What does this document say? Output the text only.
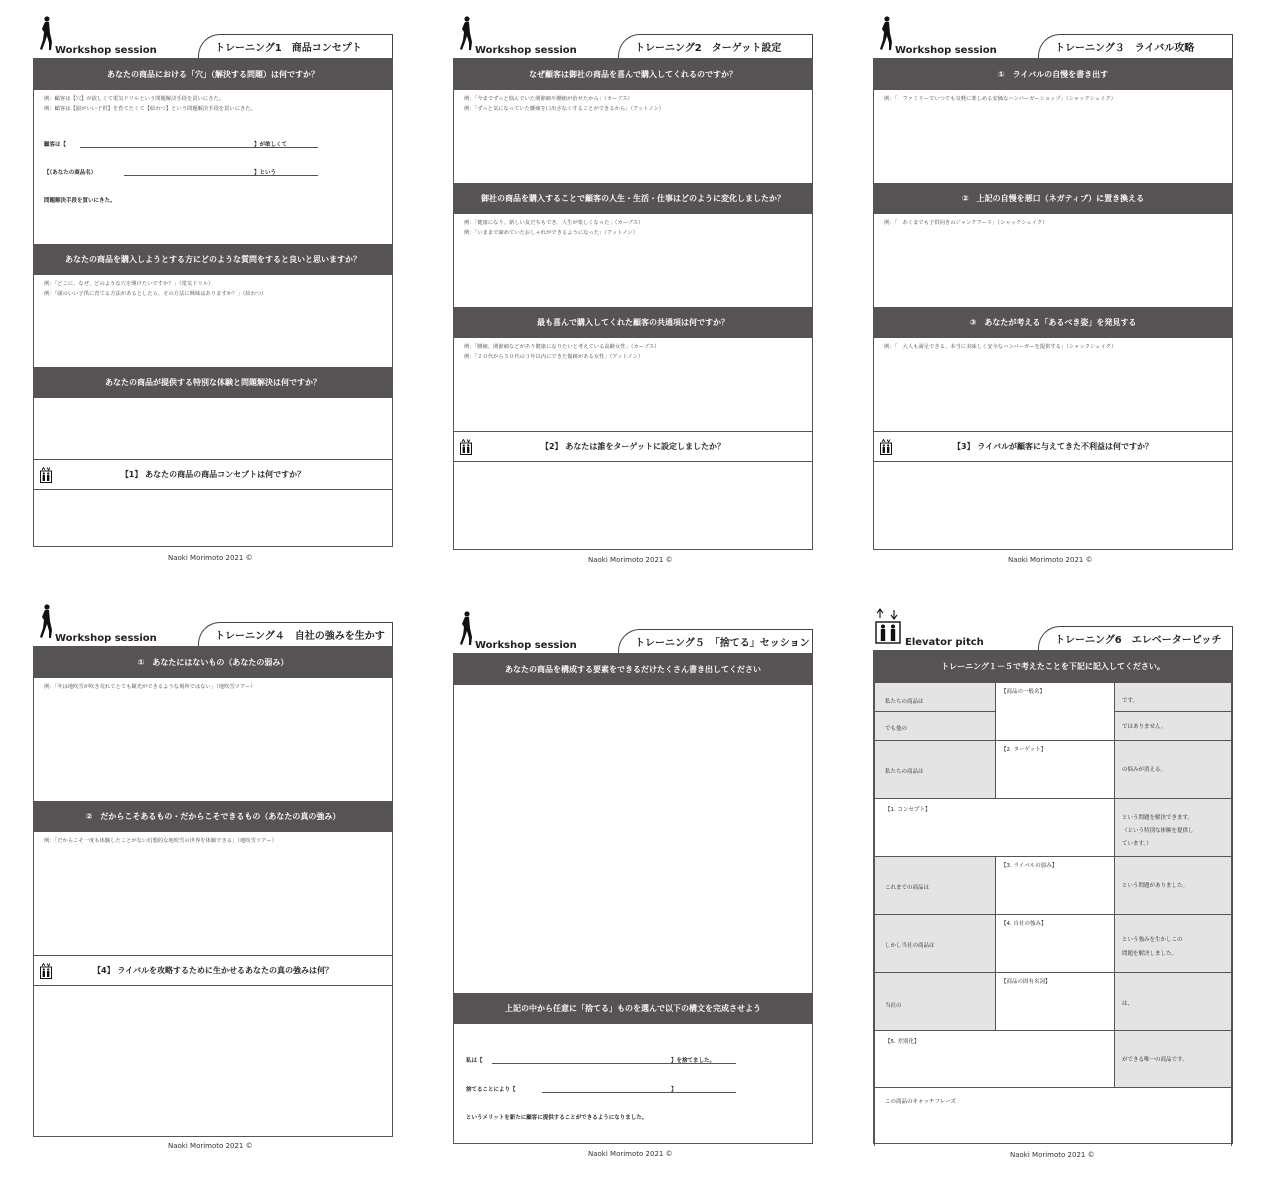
Workshop session	トレーニング1　商品コンセプト
あなたの商品における「穴」（解決する問題）は何ですか？
例：顧客は【穴】が欲しくて電気ドリルという問題解決手段を買いにきた。
例：顧客は【頭がいい子供】を育てたくて【絵わつ】という問題解決手段を買いにきた。
顧客は【	】が欲しくて
【（あなたの商品名）	】という
問題解決手段を買いにきた。
あなたの商品を購入しようとする方にどのような質問をすると良いと思いますか？
例：「どこに、なぜ、どのような穴を開けたいですか？」（電気ドリル）
例：「頭のいい子供に育てる方法があるとしたら、その方法に興味はありますか？」（絵わつ）
あなたの商品が提供する特別な体験と問題解決は何ですか？
【1】 あなたの商品の商品コンセプトは何ですか？
Naoki Morimoto 2021 ©
Workshop session	トレーニング2　ターゲット設定
なぜ顧客は御社の商品を喜んで購入してくれるのですか？
例：「今までずっと悩んでいた関節痛や腰痛が治せたから」（カーブス）
例：「ずっと気になっていた腰痛を口出さなくすることができるから」（アットノン）
御社の商品を購入することで顧客の人生・生活・仕事はどのように変化しましたか？
例：「健康になり、新しい友だちもでき、人生が楽しくなった」（カーブス）
例：「いままで諦めていたおしゃれができるようになった」（アットノン）
最も喜んで購入してくれた顧客の共通項は何ですか？
例：「腰痛、関節痛などがあり健康になりたいと考えている高齢女性」（カーブス）
例：「２０代から５０代の３年以内にできた傷跡がある女性」（アットノン）
【2】 あなたは誰をターゲットに設定しましたか？
Naoki Morimoto 2021 ©
Workshop session	トレーニング３　ライバル攻略
①　ライバルの自慢を書き出す
例：「　ファミリーでいつでも気軽に楽しめる安価なハンバーガーショップ」（シャックシェイク）
②　上記の自慢を悪口（ネガティブ）に置き換える
例：「　あくまでも子供向きのジャンクフード」（シャックシェイク）
③　あなたが考える「あるべき姿」を発見する
例：「　大人も満足できる、本当に美味しく安全なハンバーガーを提供する」（シャックシェイク）
【3】 ライバルが顧客に与えてきた不利益は何ですか？
Naoki Morimoto 2021 ©
Workshop session	トレーニング４　自社の強みを生かす
①　あなたにはないもの（あなたの弱み）
例：「冬は地吹雪が吹き荒れてとても観光ができるような場所ではない」（地吹雪ツアー）
②　だからこそあるもの・だからこそできるもの（あなたの真の強み）
例：「だからこそ一度も体験したことがない幻想的な地吹雪の世界を体験できる」（地吹雪ツアー）
【4】 ライバルを攻略するために生かせるあなたの真の強みは何？
Naoki Morimoto 2021 ©
Workshop session	トレーニング５　「捨てる」セッション
あなたの商品を構成する要素をできるだけたくさん書き出してください
上記の中から任意に「捨てる」ものを選んで以下の構文を完成させよう
私は【	】を捨てました。
捨てることにより【	】
というメリットを新たに顧客に提供することができるようになりました。
Naoki Morimoto 2021 ©
Elevator pitch	トレーニング6　エレベーターピッチ
トレーニング１－５で考えたことを下記に記入してください。
私たちの商品は	【商品の一般名】	です。

でも他の		ではありません。

私たちの商品は	【2. ターゲット】	の悩みが消える。

【1. コンセプト】		という問題を解決できます。
（という特別な体験を提供し
ています。）

これまでの商品は	【3. ライバルの弱み】	という問題がありました。

しかし当社の商品は	【4. 自社の強み】	という強みを生かしこの
問題を解決しました。

当社の	【商品の固有名詞】	は、

【5. 差別化】		ができる唯一の商品です。

この商品のキャッチフレーズ		
Naoki Morimoto 2021 ©
